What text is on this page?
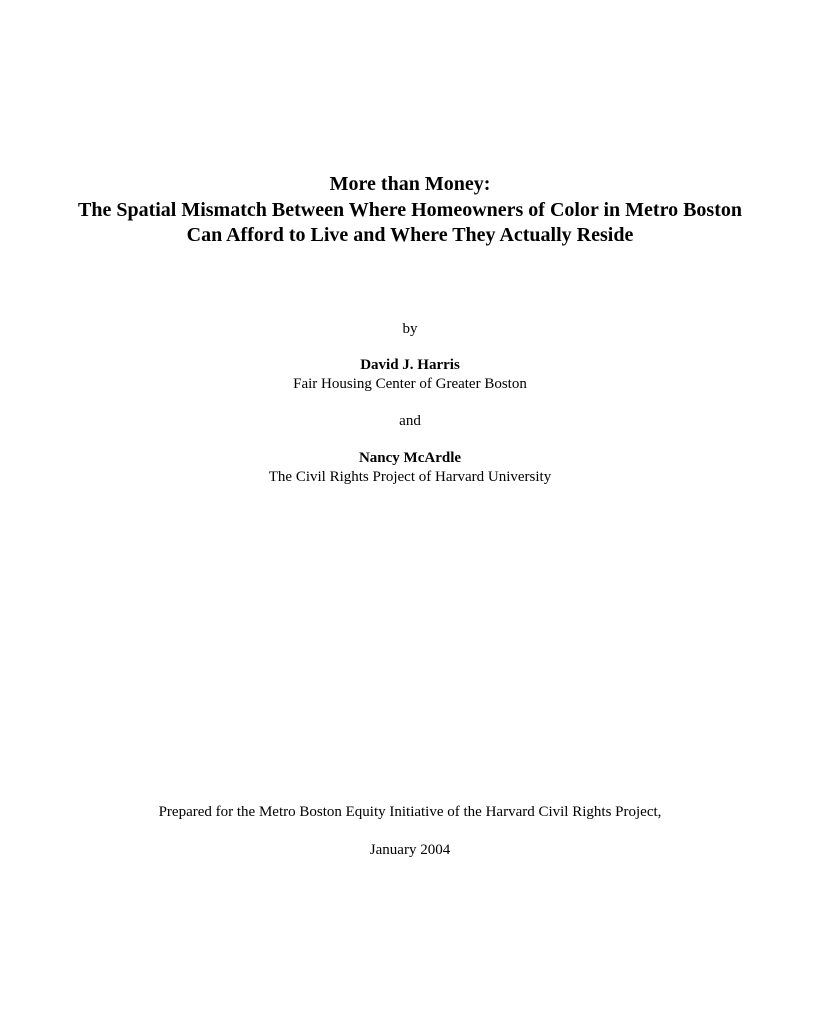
More than Money:
The Spatial Mismatch Between Where Homeowners of Color in Metro Boston
Can Afford to Live and Where They Actually Reside
by
David J. Harris
Fair Housing Center of Greater Boston
and
Nancy McArdle
The Civil Rights Project of Harvard University
Prepared for the Metro Boston Equity Initiative of the Harvard Civil Rights Project,
January 2004
